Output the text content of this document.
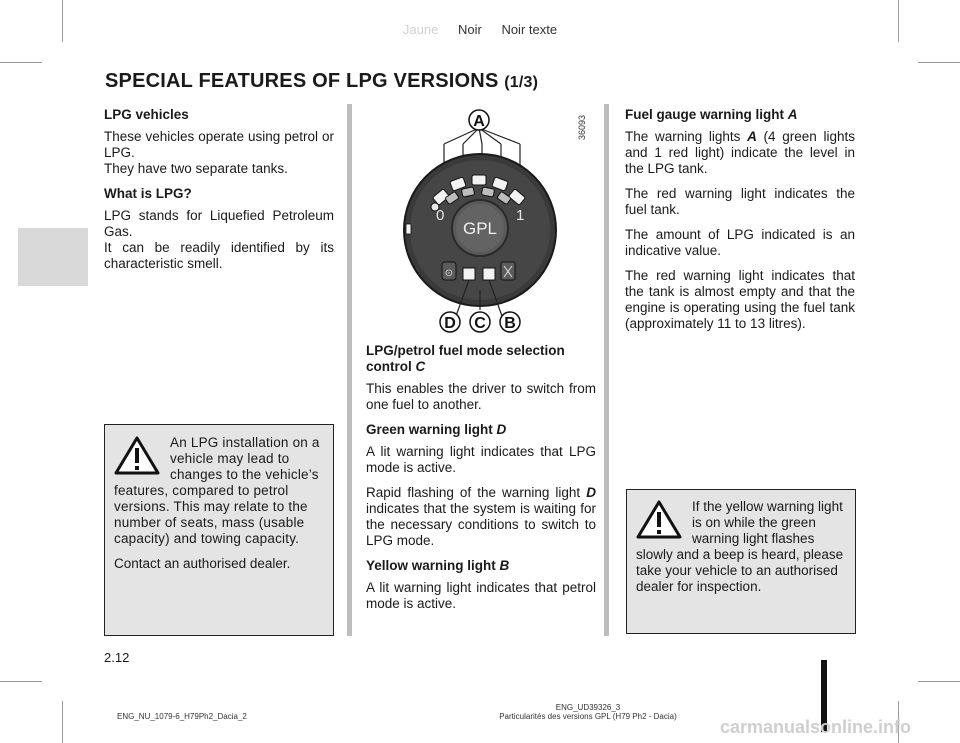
Jaune Noir Noir texte
SPECIAL FEATURES OF LPG VERSIONS (1/3)

LPG vehicles

These vehicles operate using petrol or LPG.
They have two separate tanks.

What is LPG?

LPG stands for Liquefied Petroleum Gas.
It can be readily identified by its characteristic smell.

An LPG installation on a vehicle may lead to changes to the vehicle’s features, compared to petrol versions. This may relate to the number of seats, mass (usable capacity) and towing capacity.

Contact an authorised dealer.

A
0	1
GPL
⊙
D C B
36093

LPG/petrol fuel mode selection control C

This enables the driver to switch from one fuel to another.

Green warning light D

A lit warning light indicates that LPG mode is active.

Rapid flashing of the warning light D indicates that the system is waiting for the necessary conditions to switch to LPG mode.

Yellow warning light B

A lit warning light indicates that petrol mode is active.

Fuel gauge warning light A

The warning lights A (4 green lights and 1 red light) indicate the level in the LPG tank.

The red warning light indicates the fuel tank.

The amount of LPG indicated is an indicative value.

The red warning light indicates that the tank is almost empty and that the engine is operating using the fuel tank (approximately 11 to 13 litres).

If the yellow warning light is on while the green warning light flashes slowly and a beep is heard, please take your vehicle to an authorised dealer for inspection.

2.12
ENG_NU_1079-6_H79Ph2_Dacia_2
ENG_UD39326_3
Particularités des versions GPL (H79 Ph2 - Dacia)
carmanualsonline.info
